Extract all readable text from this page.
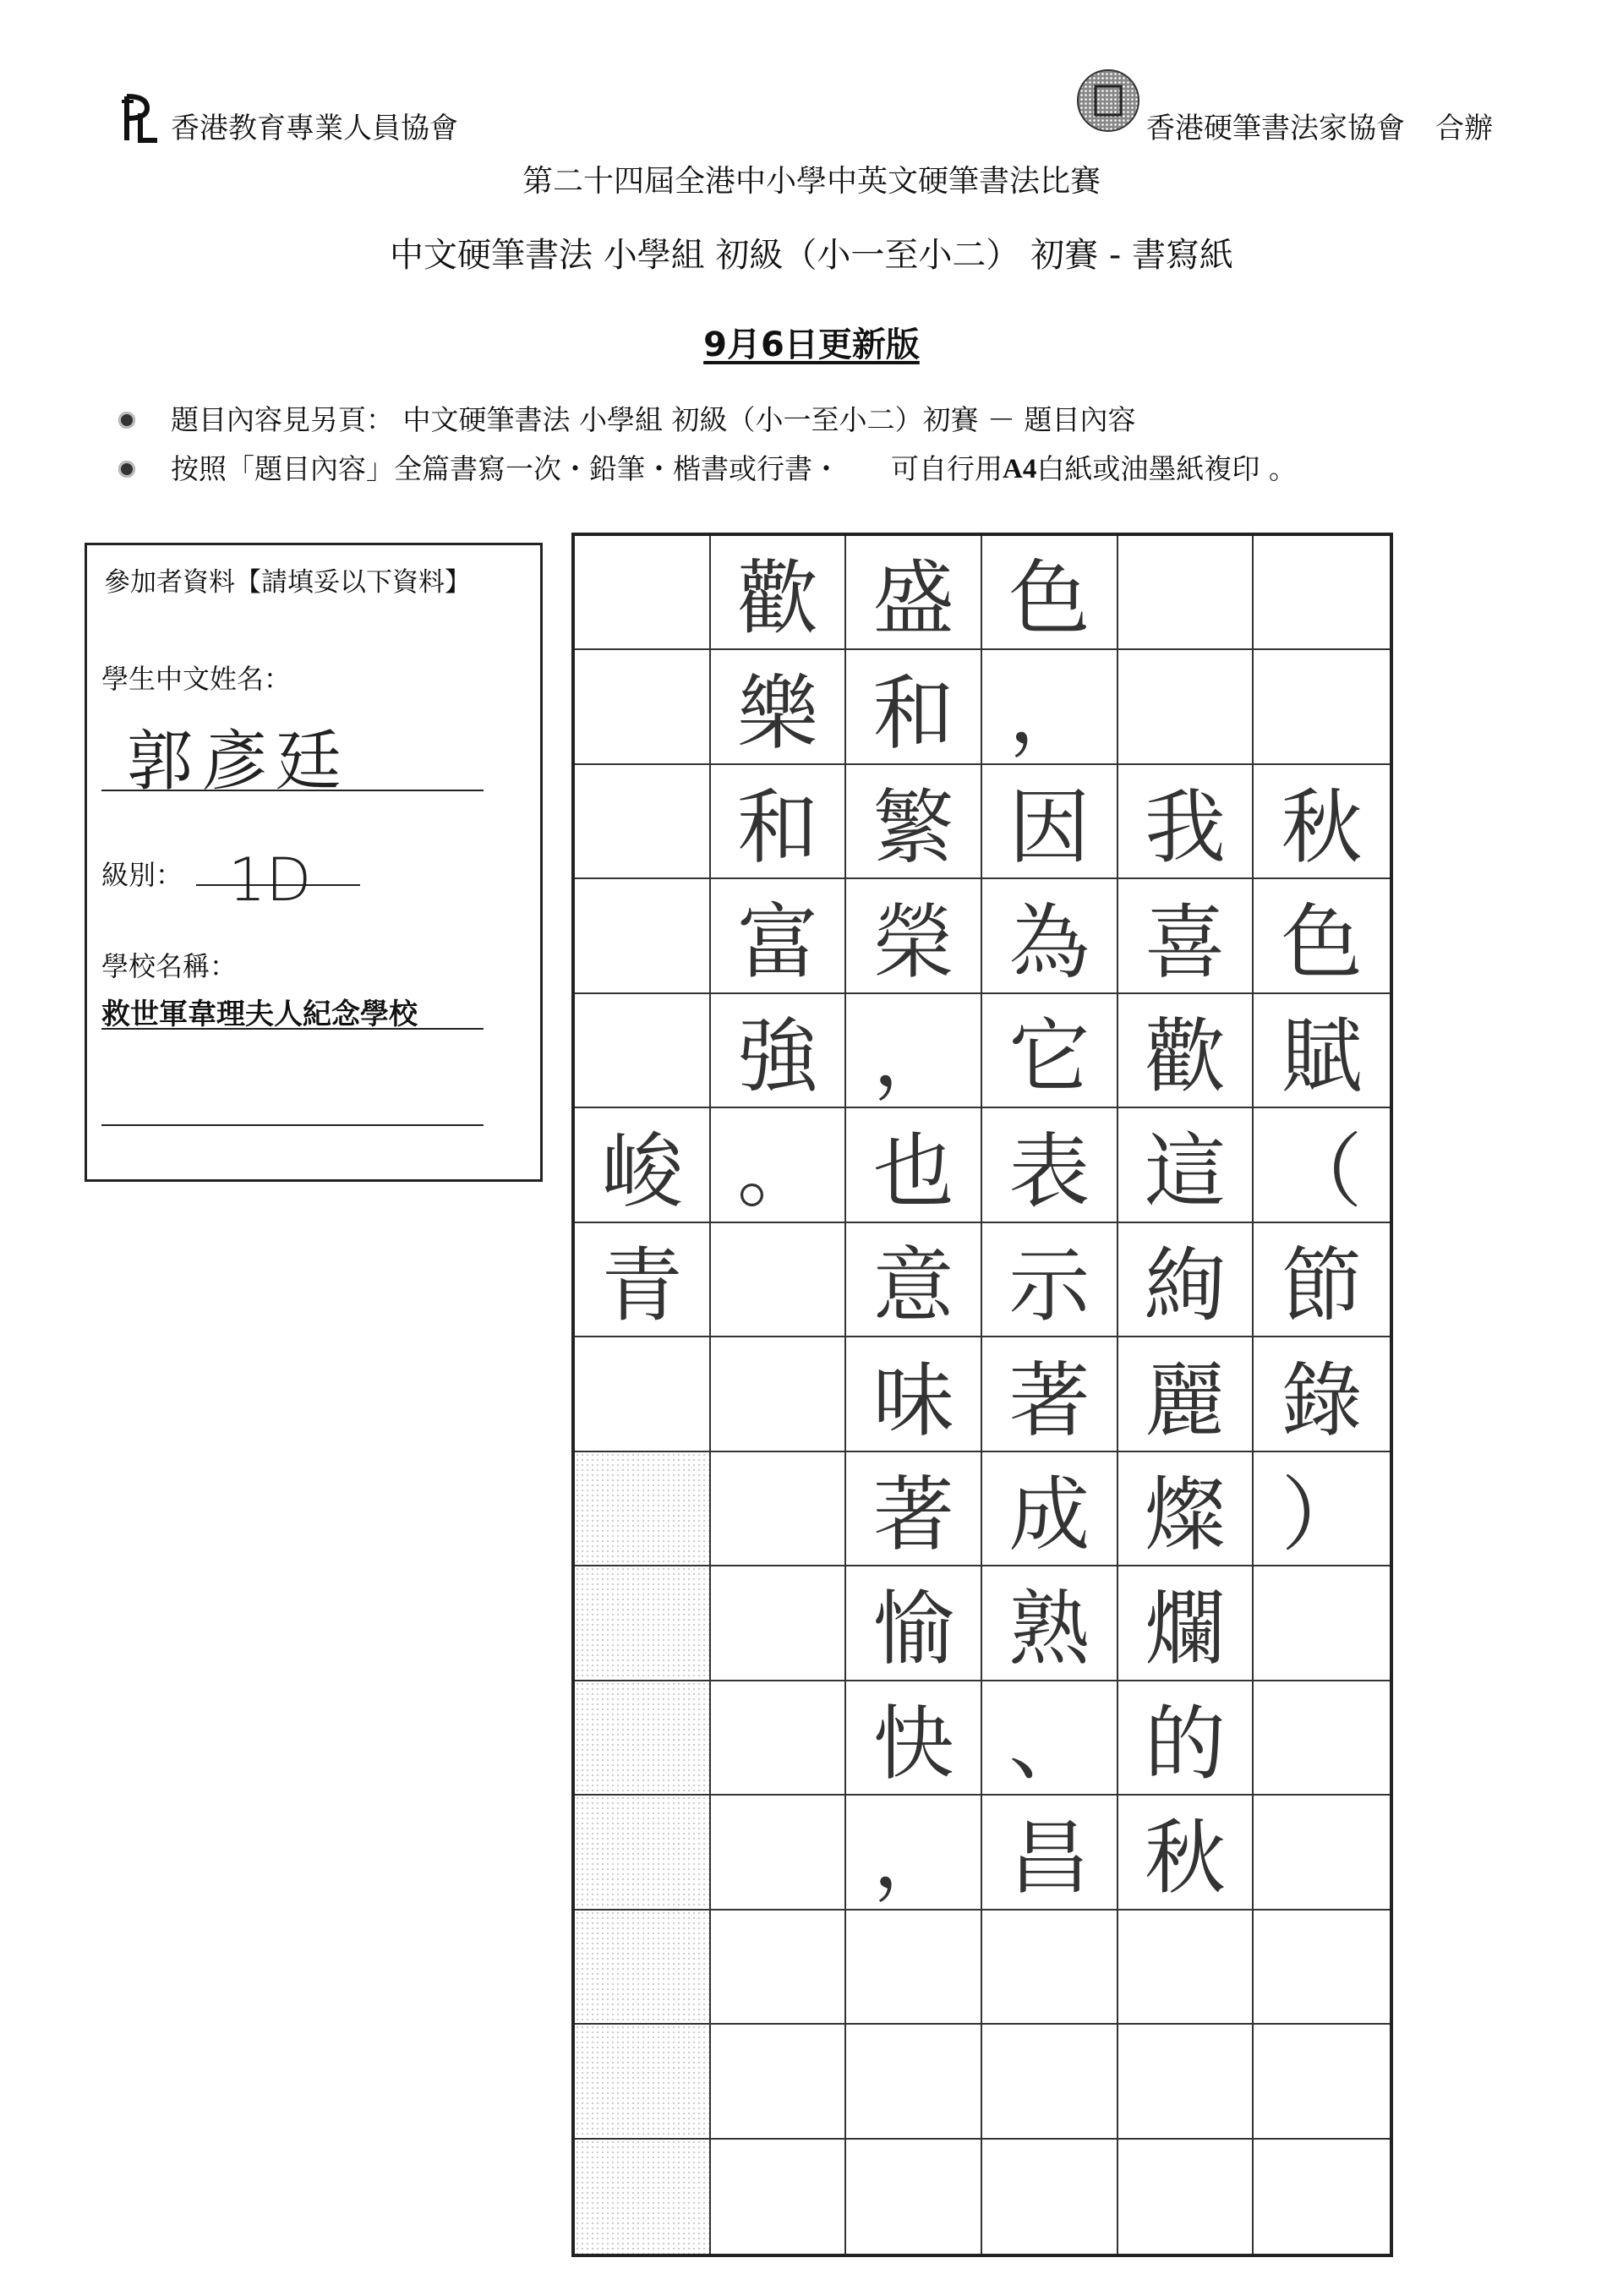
香港教育專業人員協會	香港硬筆書法家協會 合辦
第二十四屆全港中小學中英文硬筆書法比賽
中文硬筆書法 小學組 初級（小一至小二） 初賽 - 書寫紙
9月6日更新版
題目內容見另頁： 中文硬筆書法 小學組 初級（小一至小二）初賽 － 題目內容
按照「題目內容」全篇書寫一次・鉛筆・楷書或行書・ 可自行用 A4 白紙或油墨紙複印 。
參加者資料【請填妥以下資料】
學生中文姓名：
郭彥廷
級別： 1D
學校名稱：
救世軍韋理夫人紀念學校
歡 盛 色
樂 和 ，
和 繁 因 我 秋
富 榮 為 喜 色
強 ， 它 歡 賦
峻 。 也 表 這 （
青	意 示 絢 節
味 著 麗 錄
著 成 燦 ）
愉 熟 爛
快 、 的
， 昌 秋
